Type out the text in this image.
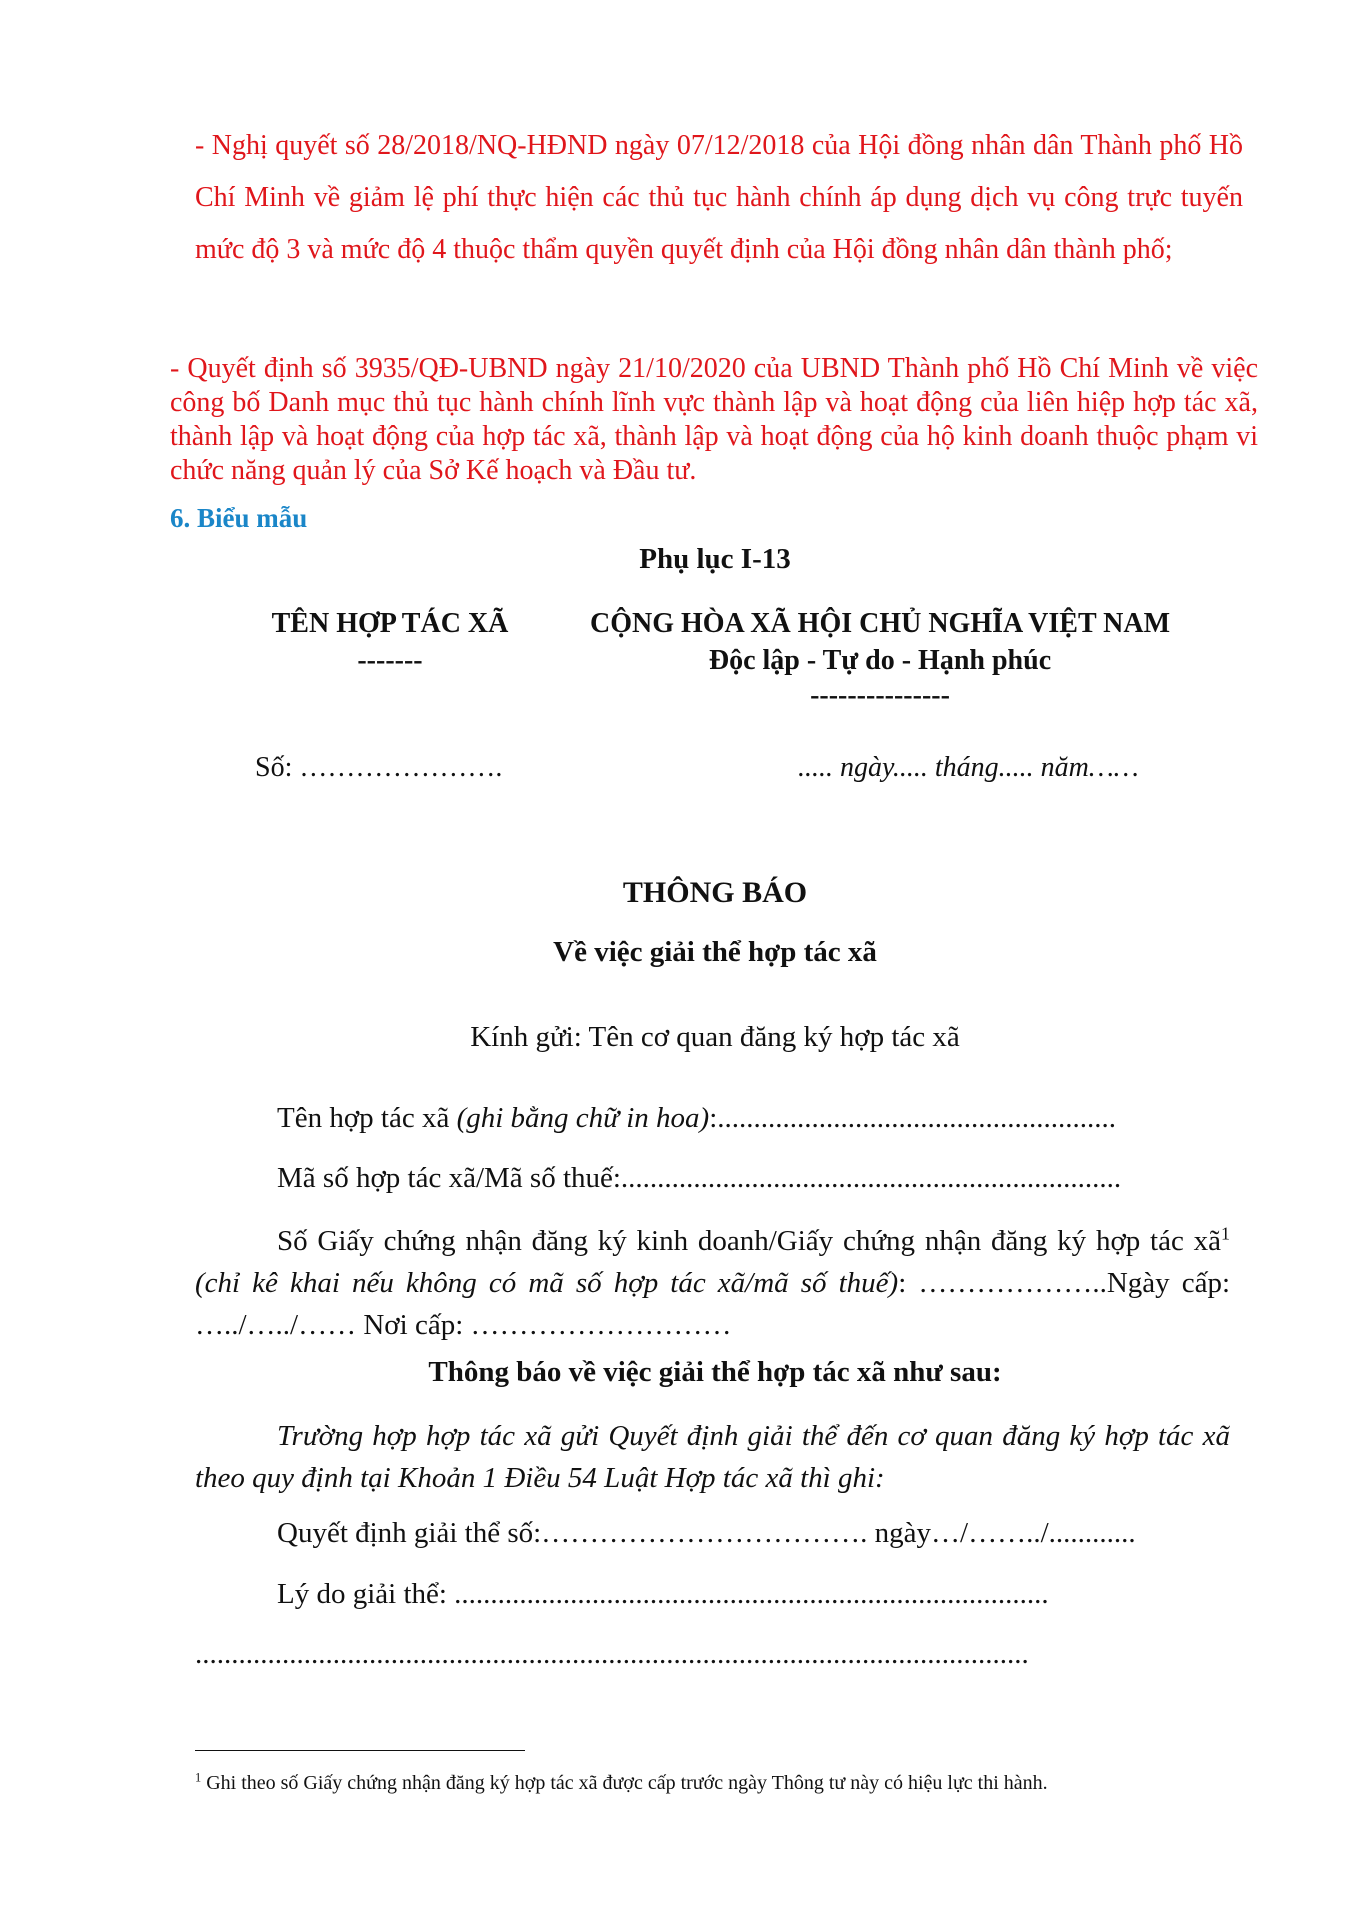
- Nghị quyết số 28/2018/NQ-HĐND ngày 07/12/2018 của Hội đồng nhân dân Thành phố Hồ Chí Minh về giảm lệ phí thực hiện các thủ tục hành chính áp dụng dịch vụ công trực tuyến mức độ 3 và mức độ 4 thuộc thẩm quyền quyết định của Hội đồng nhân dân thành phố;

- Quyết định số 3935/QĐ-UBND ngày 21/10/2020 của UBND Thành phố Hồ Chí Minh về việc công bố Danh mục thủ tục hành chính lĩnh vực thành lập và hoạt động của liên hiệp hợp tác xã, thành lập và hoạt động của hợp tác xã, thành lập và hoạt động của hộ kinh doanh thuộc phạm vi chức năng quản lý của Sở Kế hoạch và Đầu tư.

6. Biểu mẫu
Phụ lục I-13
TÊN HỢP TÁC XÃ
-------
CỘNG HÒA XÃ HỘI CHỦ NGHĨA VIỆT NAM
Độc lập - Tự do - Hạnh phúc
---------------
Số: ………………….	..... ngày..... tháng..... năm……
THÔNG BÁO
Về việc giải thể hợp tác xã
Kính gửi: Tên cơ quan đăng ký hợp tác xã
Tên hợp tác xã (ghi bằng chữ in hoa):.......................................................
Mã số hợp tác xã/Mã số thuế:.....................................................................

Số Giấy chứng nhận đăng ký kinh doanh/Giấy chứng nhận đăng ký hợp tác $xã^1$ (chỉ kê khai nếu không có mã số hợp tác xã/mã số thuế): ………………..Ngày cấp: …../…../…… Nơi cấp: ………………………

Thông báo về việc giải thể hợp tác xã như sau:

Trường hợp hợp tác xã gửi Quyết định giải thể đến cơ quan đăng ký hợp tác xã theo quy định tại Khoản 1 Điều 54 Luật Hợp tác xã thì ghi:

Quyết định giải thể số:……………………………. ngày…/……../............
Lý do giải thể: ..................................................................................
...................................................................................................................
$^1$ Ghi theo số Giấy chứng nhận đăng ký hợp tác xã được cấp trước ngày Thông tư này có hiệu lực thi hành.
